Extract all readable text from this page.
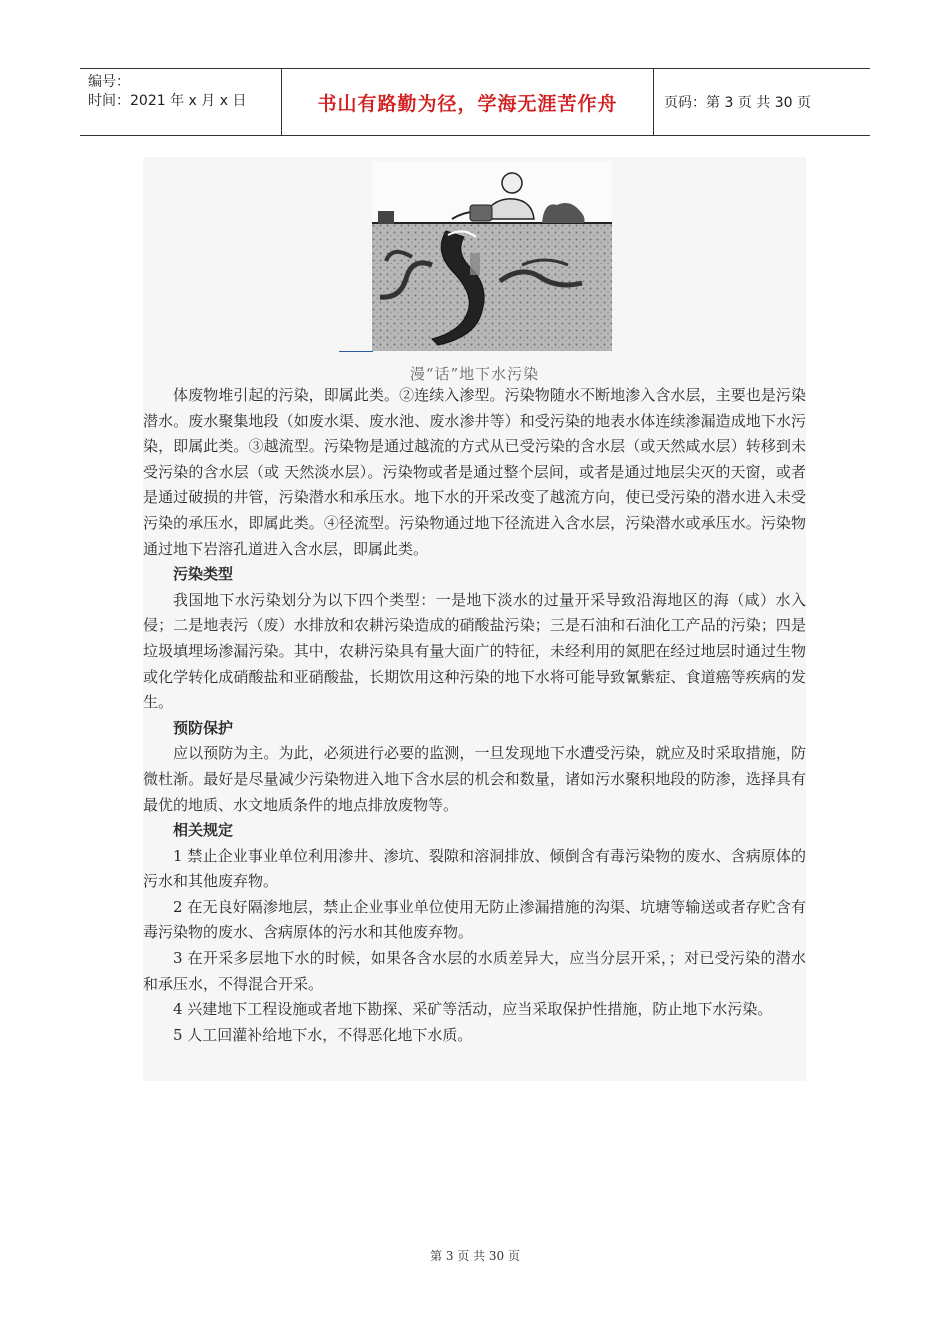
编号：
时间：2021 年 x 月 x 日	书山有路勤为径，学海无涯苦作舟	页码：第 3 页 共 30 页
漫“话”地下水污染

体废物堆引起的污染，即属此类。②连续入渗型。污染物随水不断地渗入含水层，主要也是污染潜水。废水聚集地段（如废水渠、废水池、废水渗井等）和受污染的地表水体连续渗漏造成地下水污染，即属此类。③越流型。污染物是通过越流的方式从已受污染的含水层（或天然咸水层）转移到未受污染的含水层（或 天然淡水层）。污染物或者是通过整个层间，或者是通过地层尖灭的天窗，或者是通过破损的井管，污染潜水和承压水。地下水的开采改变了越流方向，使已受污染的潜水进入未受污染的承压水，即属此类。④径流型。污染物通过地下径流进入含水层，污染潜水或承压水。污染物通过地下岩溶孔道进入含水层，即属此类。

污染类型

我国地下水污染划分为以下四个类型：一是地下淡水的过量开采导致沿海地区的海（咸）水入侵；二是地表污（废）水排放和农耕污染造成的硝酸盐污染；三是石油和石油化工产品的污染；四是垃圾填埋场渗漏污染。其中，农耕污染具有量大面广的特征，未经利用的氮肥在经过地层时通过生物或化学转化成硝酸盐和亚硝酸盐，长期饮用这种污染的地下水将可能导致氰紫症、食道癌等疾病的发生。

预防保护

应以预防为主。为此，必须进行必要的监测，一旦发现地下水遭受污染，就应及时采取措施，防微杜渐。最好是尽量减少污染物进入地下含水层的机会和数量，诸如污水聚积地段的防渗，选择具有最优的地质、水文地质条件的地点排放废物等。

相关规定

1 禁止企业事业单位利用渗井、渗坑、裂隙和溶洞排放、倾倒含有毒污染物的废水、含病原体的污水和其他废弃物。

2 在无良好隔渗地层，禁止企业事业单位使用无防止渗漏措施的沟渠、坑塘等输送或者存贮含有毒污染物的废水、含病原体的污水和其他废弃物。

3 在开采多层地下水的时候，如果各含水层的水质差异大，应当分层开采，；对已受污染的潜水和承压水，不得混合开采。

4 兴建地下工程设施或者地下勘探、采矿等活动，应当采取保护性措施，防止地下水污染。

5 人工回灌补给地下水，不得恶化地下水质。

第 3 页 共 30 页
